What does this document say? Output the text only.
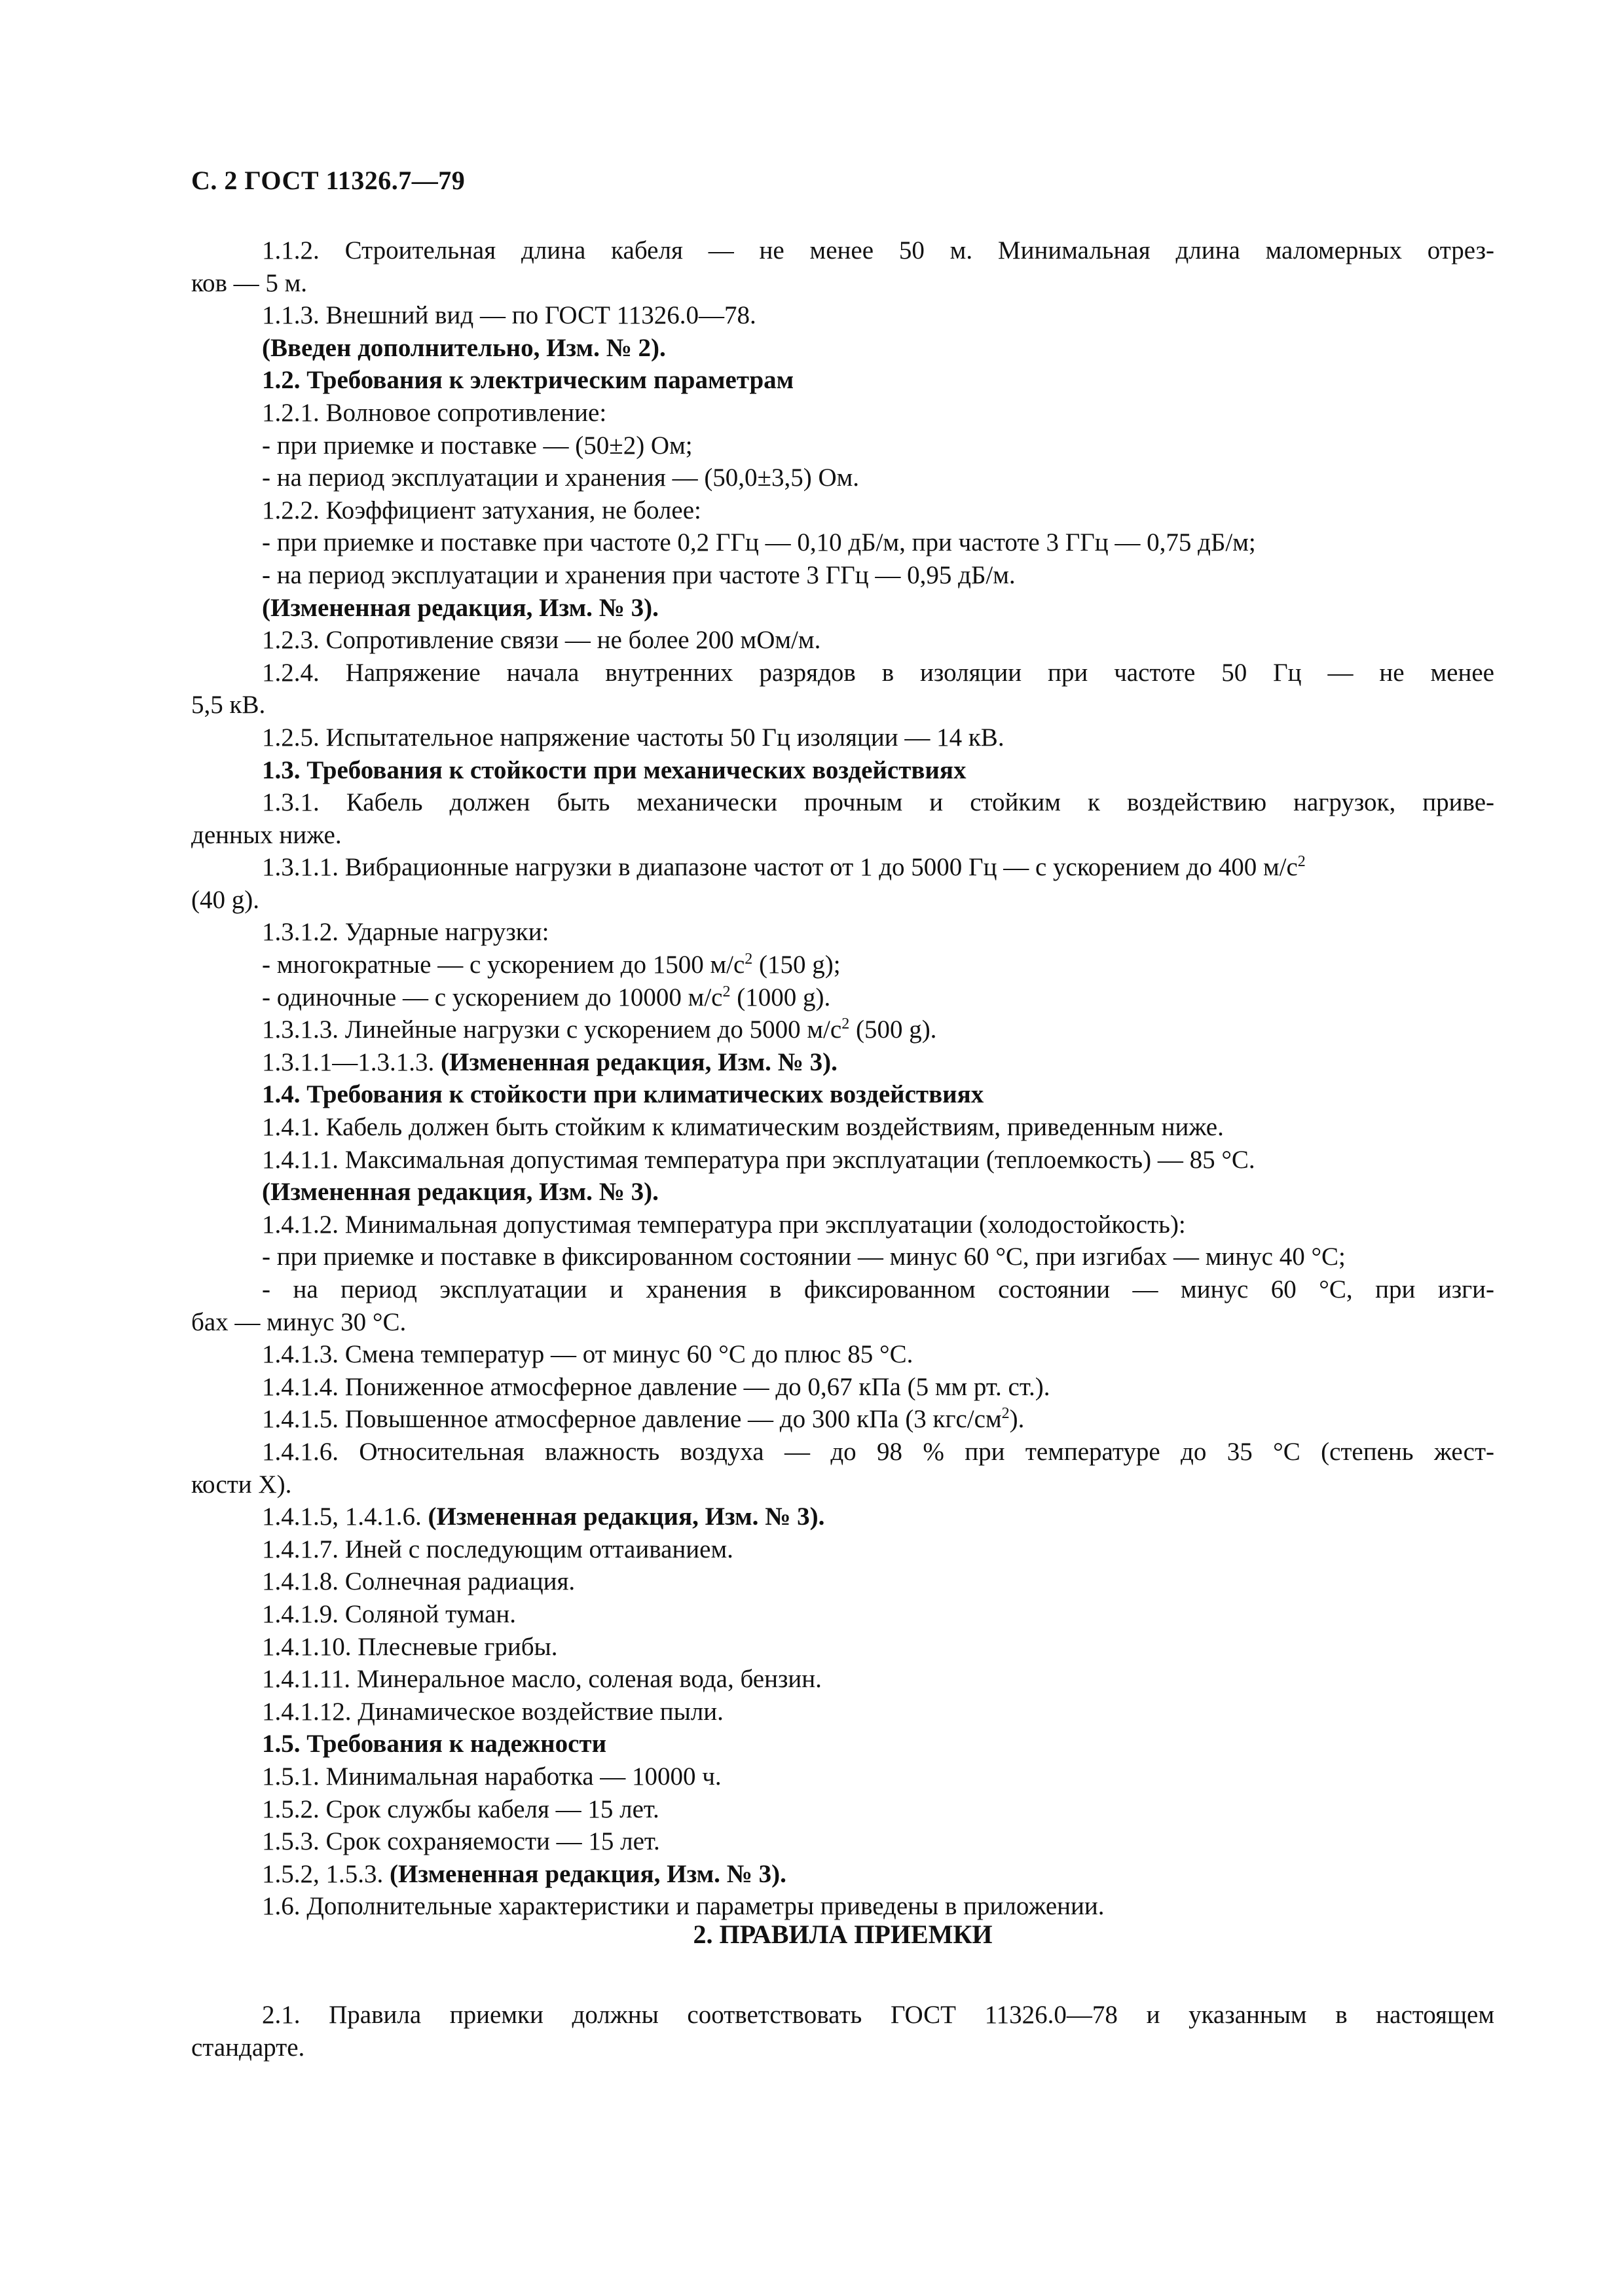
С. 2 ГОСТ 11326.7—79
1.1.2. Строительная длина кабеля — не менее 50 м. Минимальная длина маломерных отрез-
ков — 5 м.
1.1.3. Внешний вид — по ГОСТ 11326.0—78.
(Введен дополнительно, Изм. № 2).
1.2. Требования к электрическим параметрам
1.2.1. Волновое сопротивление:
- при приемке и поставке — (50±2) Ом;
- на период эксплуатации и хранения — (50,0±3,5) Ом.
1.2.2. Коэффициент затухания, не более:
- при приемке и поставке при частоте 0,2 ГГц — 0,10 дБ/м, при частоте 3 ГГц — 0,75 дБ/м;
- на период эксплуатации и хранения при частоте 3 ГГц — 0,95 дБ/м.
(Измененная редакция, Изм. № 3).
1.2.3. Сопротивление связи — не более 200 мОм/м.
1.2.4. Напряжение начала внутренних разрядов в изоляции при частоте 50 Гц — не менее
5,5 кВ.
1.2.5. Испытательное напряжение частоты 50 Гц изоляции — 14 кВ.
1.3. Требования к стойкости при механических воздействиях
1.3.1. Кабель должен быть механически прочным и стойким к воздействию нагрузок, приве-
денных ниже.
1.3.1.1. Вибрационные нагрузки в диапазоне частот от 1 до 5000 Гц — с ускорением до 400 $м/с^2$
(40 g).
1.3.1.2. Ударные нагрузки:
- многократные — с ускорением до 1500 $м/с^2$ (150 g);
- одиночные — с ускорением до 10000 $м/с^2$ (1000 g).
1.3.1.3. Линейные нагрузки с ускорением до 5000 $м/с^2$ (500 g).
1.3.1.1—1.3.1.3. (Измененная редакция, Изм. № 3).
1.4. Требования к стойкости при климатических воздействиях
1.4.1. Кабель должен быть стойким к климатическим воздействиям, приведенным ниже.
1.4.1.1. Максимальная допустимая температура при эксплуатации (теплоемкость) — 85 °С.
(Измененная редакция, Изм. № 3).
1.4.1.2. Минимальная допустимая температура при эксплуатации (холодостойкость):
- при приемке и поставке в фиксированном состоянии — минус 60 °С, при изгибах — минус 40 °С;
- на период эксплуатации и хранения в фиксированном состоянии — минус 60 °С, при изги-
бах — минус 30 °С.
1.4.1.3. Смена температур — от минус 60 °С до плюс 85 °С.
1.4.1.4. Пониженное атмосферное давление — до 0,67 кПа (5 мм рт. ст.).
1.4.1.5. Повышенное атмосферное давление — до 300 кПа (3 кгс/$см^2$).
1.4.1.6. Относительная влажность воздуха — до 98 % при температуре до 35 °С (степень жест-
кости X).
1.4.1.5, 1.4.1.6. (Измененная редакция, Изм. № 3).
1.4.1.7. Иней с последующим оттаиванием.
1.4.1.8. Солнечная радиация.
1.4.1.9. Соляной туман.
1.4.1.10. Плесневые грибы.
1.4.1.11. Минеральное масло, соленая вода, бензин.
1.4.1.12. Динамическое воздействие пыли.
1.5. Требования к надежности
1.5.1. Минимальная наработка — 10000 ч.
1.5.2. Срок службы кабеля — 15 лет.
1.5.3. Срок сохраняемости — 15 лет.
1.5.2, 1.5.3. (Измененная редакция, Изм. № 3).
1.6. Дополнительные характеристики и параметры приведены в приложении.
2. ПРАВИЛА ПРИЕМКИ
2.1. Правила приемки должны соответствовать ГОСТ 11326.0—78 и указанным в настоящем
стандарте.
